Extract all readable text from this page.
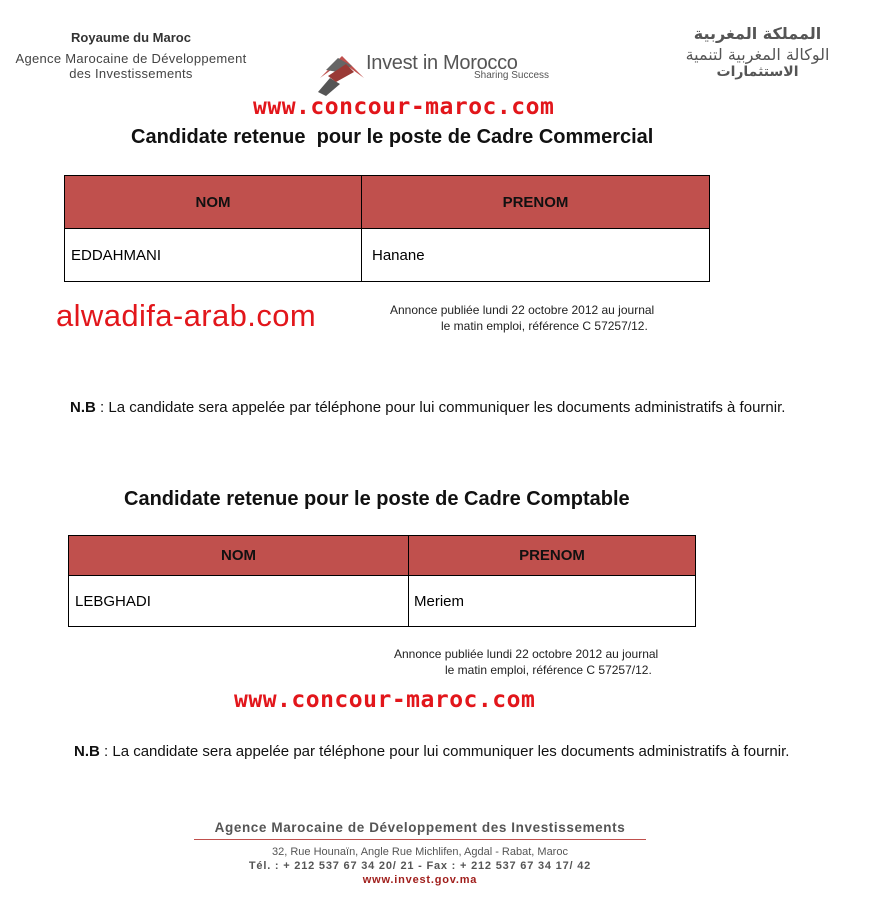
Royaume du Maroc
Agence Marocaine de Développement
des Investissements	Invest in Morocco
Sharing Success
المملكة المغربية
الوكالة المغربية لتنمية
الاستثمارات
www.concour-maroc.com
alwadifa-arab.com
www.concour-maroc.com
Candidate retenue  pour le poste de Cadre Commercial
NOM	PRENOM
EDDAHMANI	Hanane
Annonce publiée lundi 22 octobre 2012 au journal
le matin emploi, référence C 57257/12.
N.B : La candidate sera appelée par téléphone pour lui communiquer les documents administratifs à fournir.
Candidate retenue pour le poste de Cadre Comptable
NOM	PRENOM
LEBGHADI	Meriem
Annonce publiée lundi 22 octobre 2012 au journal
le matin emploi, référence C 57257/12.
N.B : La candidate sera appelée par téléphone pour lui communiquer les documents administratifs à fournir.
Agence Marocaine de Développement des Investissements
32, Rue Hounaïn, Angle Rue Michlifen, Agdal - Rabat, Maroc
Tél. : + 212 537 67 34 20/ 21 - Fax : + 212 537 67 34 17/ 42
www.invest.gov.ma
